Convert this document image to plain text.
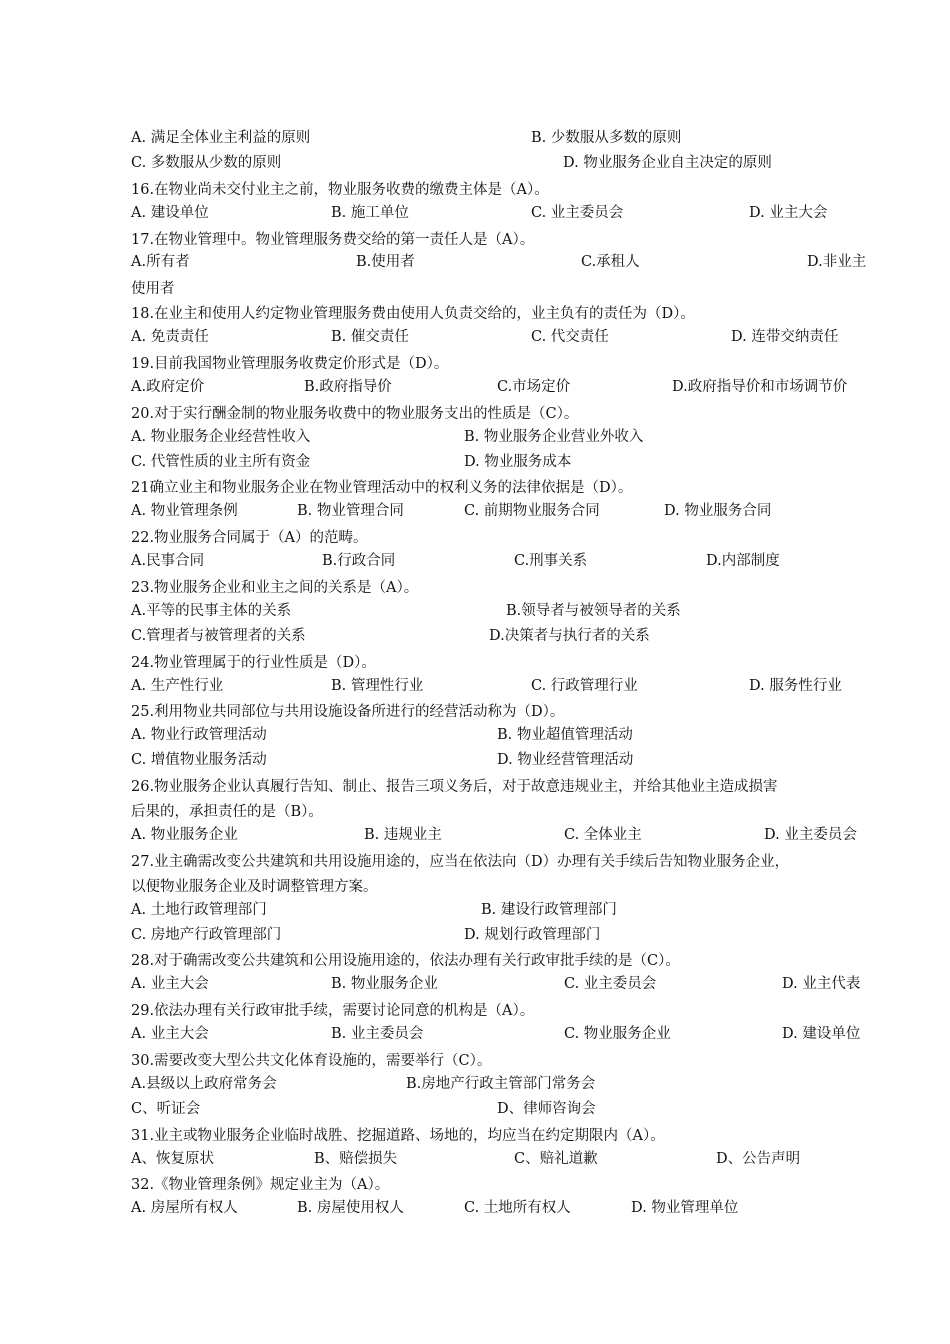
A. 满足全体业主利益的原则	B. 少数服从多数的原则
C. 多数服从少数的原则	D. 物业服务企业自主决定的原则
16.在物业尚未交付业主之前，物业服务收费的缴费主体是（A）。
A. 建设单位	B. 施工单位	C. 业主委员会	D. 业主大会
17.在物业管理中。物业管理服务费交给的第一责任人是（A）。
A.所有者	B.使用者	C.承租人	D.非业主
使用者
18.在业主和使用人约定物业管理服务费由使用人负责交给的，业主负有的责任为（D）。
A. 免责责任	B. 催交责任	C. 代交责任	D. 连带交纳责任
19.目前我国物业管理服务收费定价形式是（D）。
A.政府定价	B.政府指导价	C.市场定价	D.政府指导价和市场调节价
20.对于实行酬金制的物业服务收费中的物业服务支出的性质是（C）。
A. 物业服务企业经营性收入	B. 物业服务企业营业外收入
C. 代管性质的业主所有资金	D. 物业服务成本
21确立业主和物业服务企业在物业管理活动中的权利义务的法律依据是（D）。
A. 物业管理条例	B. 物业管理合同	C. 前期物业服务合同	D. 物业服务合同
22.物业服务合同属于（A）的范畴。
A.民事合同	B.行政合同	C.刑事关系	D.内部制度
23.物业服务企业和业主之间的关系是（A）。
A.平等的民事主体的关系	B.领导者与被领导者的关系
C.管理者与被管理者的关系	D.决策者与执行者的关系
24.物业管理属于的行业性质是（D）。
A. 生产性行业	B. 管理性行业	C. 行政管理行业	D. 服务性行业
25.利用物业共同部位与共用设施设备所进行的经营活动称为（D）。
A. 物业行政管理活动	B. 物业超值管理活动
C. 增值物业服务活动	D. 物业经营管理活动
26.物业服务企业认真履行告知、制止、报告三项义务后，对于故意违规业主，并给其他业主造成损害
后果的，承担责任的是（B）。
A. 物业服务企业	B. 违规业主	C. 全体业主	D. 业主委员会
27.业主确需改变公共建筑和共用设施用途的，应当在依法向（D）办理有关手续后告知物业服务企业，
以便物业服务企业及时调整管理方案。
A. 土地行政管理部门	B. 建设行政管理部门
C. 房地产行政管理部门	D. 规划行政管理部门
28.对于确需改变公共建筑和公用设施用途的，依法办理有关行政审批手续的是（C）。
A. 业主大会	B. 物业服务企业	C. 业主委员会	D. 业主代表
29.依法办理有关行政审批手续，需要讨论同意的机构是（A）。
A. 业主大会	B. 业主委员会	C. 物业服务企业	D. 建设单位
30.需要改变大型公共文化体育设施的，需要举行（C）。
A.县级以上政府常务会	B.房地产行政主管部门常务会
C、听证会	D、律师咨询会
31.业主或物业服务企业临时战胜、挖掘道路、场地的，均应当在约定期限内（A）。
A、恢复原状	B、赔偿损失	C、赔礼道歉	D、公告声明
32.《物业管理条例》规定业主为（A）。
A. 房屋所有权人	B. 房屋使用权人	C. 土地所有权人	D. 物业管理单位
